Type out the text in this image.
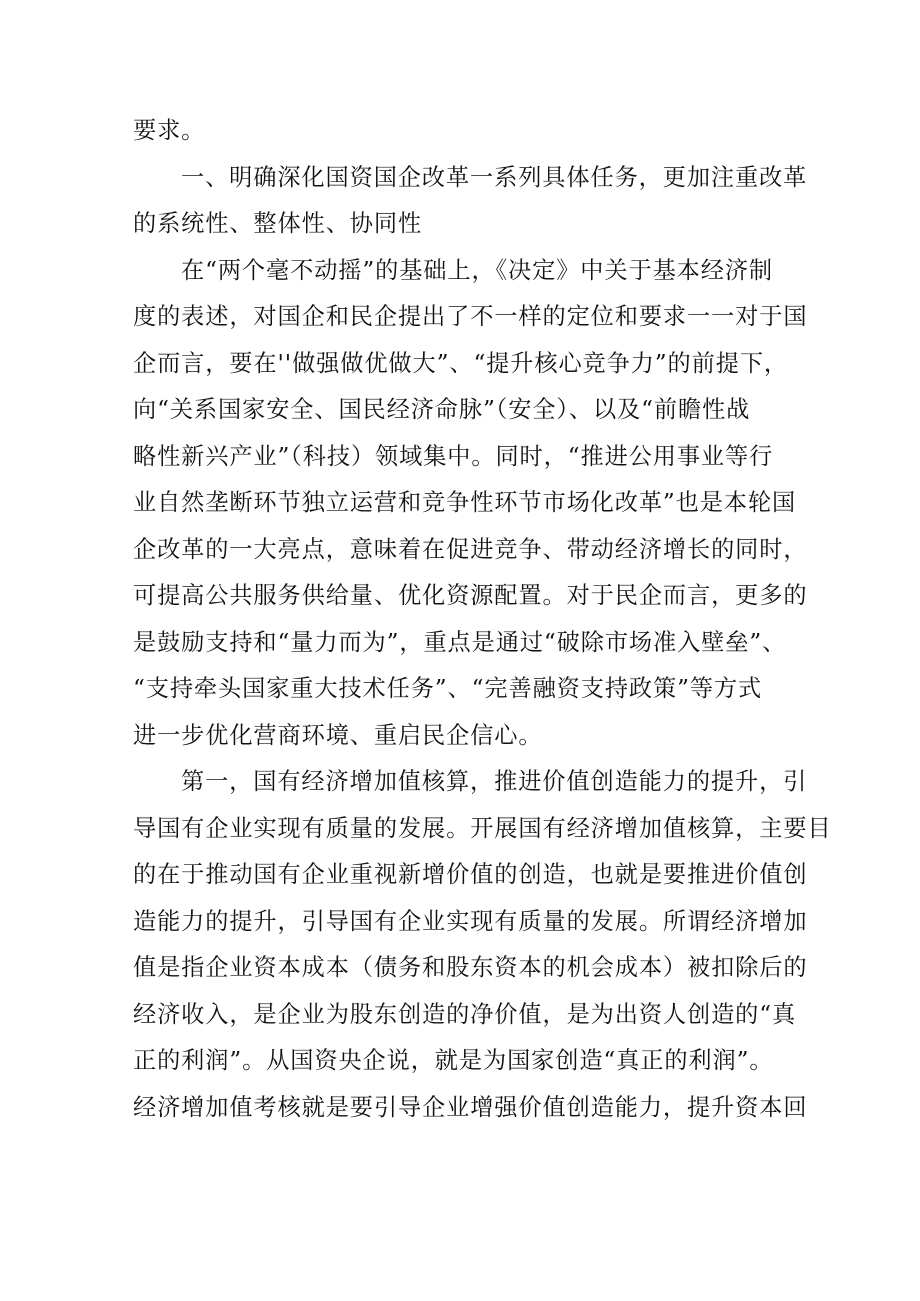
要求。
一、明确深化国资国企改革一系列具体任务，更加注重改革
的系统性、整体性、协同性
在“两个毫不动摇”的基础上，《决定》中关于基本经济制
度的表述，对国企和民企提出了不一样的定位和要求一一对于国
企而言，要在''做强做优做大”、“提升核心竞争力”的前提下，
向“关系国家安全、国民经济命脉”（安全）、以及“前瞻性战
略性新兴产业”（科技）领域集中。同时，“推进公用事业等行
业自然垄断环节独立运营和竞争性环节市场化改革”也是本轮国
企改革的一大亮点，意味着在促进竞争、带动经济增长的同时，
可提高公共服务供给量、优化资源配置。对于民企而言，更多的
是鼓励支持和“量力而为”，重点是通过“破除市场准入壁垒”、
“支持牵头国家重大技术任务”、“完善融资支持政策”等方式
进一步优化营商环境、重启民企信心。
第一，国有经济增加值核算，推进价值创造能力的提升，引
导国有企业实现有质量的发展。开展国有经济增加值核算，主要目
的在于推动国有企业重视新增价值的创造，也就是要推进价值创
造能力的提升，引导国有企业实现有质量的发展。所谓经济增加
值是指企业资本成本（债务和股东资本的机会成本）被扣除后的
经济收入，是企业为股东创造的净价值，是为出资人创造的“真
正的利润”。从国资央企说，就是为国家创造“真正的利润”。
经济增加值考核就是要引导企业增强价值创造能力，提升资本回
